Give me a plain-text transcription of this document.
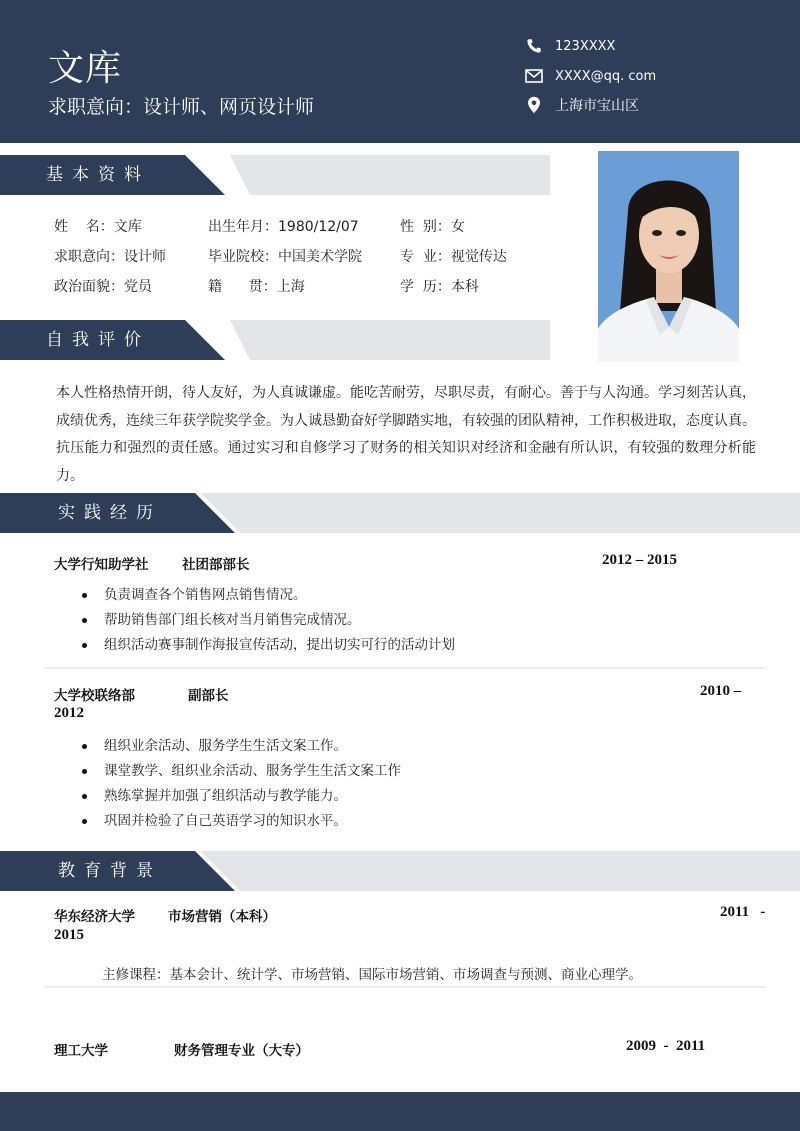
文库
求职意向：设计师、网页设计师
123XXXX
XXXX@qq. com
上海市宝山区
基本资料
姓    名：文库	出生年月：1980/12/07	性  别：女
求职意向：设计师	毕业院校：中国美术学院	专  业：视觉传达
政治面貌：党员	籍      贯：上海	学  历：本科
自我评价
本人性格热情开朗，待人友好，为人真诚谦虚。能吃苦耐劳，尽职尽责，有耐心。善于与人沟通。学习刻苦认真，成绩优秀，连续三年获学院奖学金。为人诚恳勤奋好学脚踏实地，有较强的团队精神，工作积极进取，态度认真。抗压能力和强烈的责任感。通过实习和自修学习了财务的相关知识对经济和金融有所认识，有较强的数理分析能力。
实践经历
大学行知助学社 社团部部长	2012 – 2015
负责调查各个销售网点销售情况。
帮助销售部门组长核对当月销售完成情况。
组织活动赛事制作海报宣传活动，提出切实可行的活动计划
大学校联络部	副部长	2010 –
2012
组织业余活动、服务学生生活文案工作。
课堂教学、组织业余活动、服务学生生活文案工作
熟练掌握并加强了组织活动与教学能力。
巩固并检验了自己英语学习的知识水平。
教育背景
华东经济大学 市场营销（本科）	2011   -
2015
主修课程：基本会计、统计学、市场营销、国际市场营销、市场调查与预测、商业心理学。
理工大学	财务管理专业（大专）	2009  -  2011
